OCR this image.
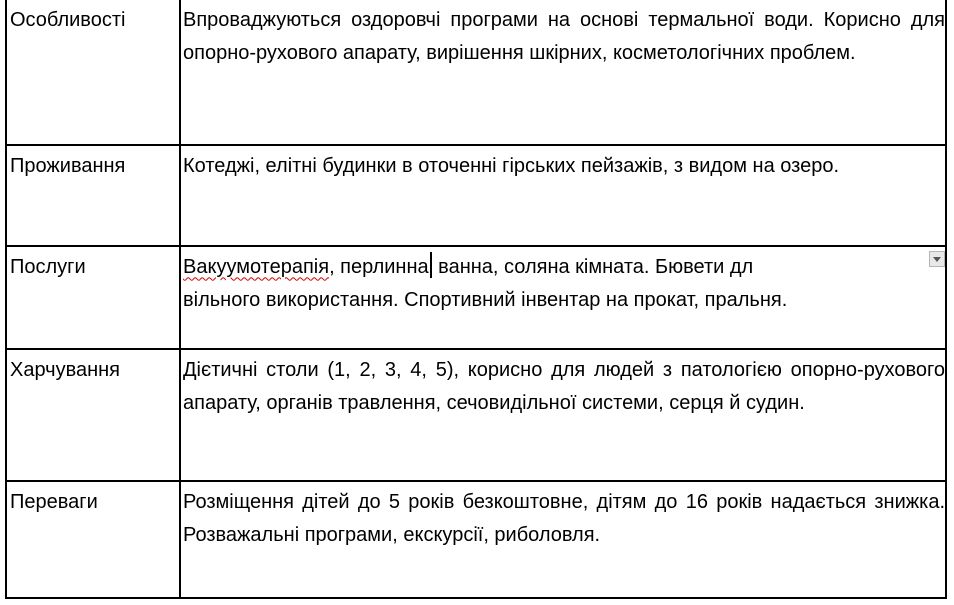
Особливості	Впроваджуються оздоровчі програми на основі термальної води. Корисно для опорно-рухового апарату, вирішення шкірних, косметологічних проблем.

Проживання	Котеджі, елітні будинки в оточенні гірських пейзажів, з видом на озеро.

Послуги	Вакуумотерапія, перлинна ванна, соляна кімната. Бювети дл
вільного використання. Спортивний інвентар на прокат, пральня.

Харчування	Дієтичні столи (1, 2, 3, 4, 5), корисно для людей з патологією опорно-рухового апарату, органів травлення, сечовидільної системи, серця й судин.

Переваги	Розміщення дітей до 5 років безкоштовне, дітям до 16 років надається знижка. Розважальні програми, екскурсії, риболовля.
